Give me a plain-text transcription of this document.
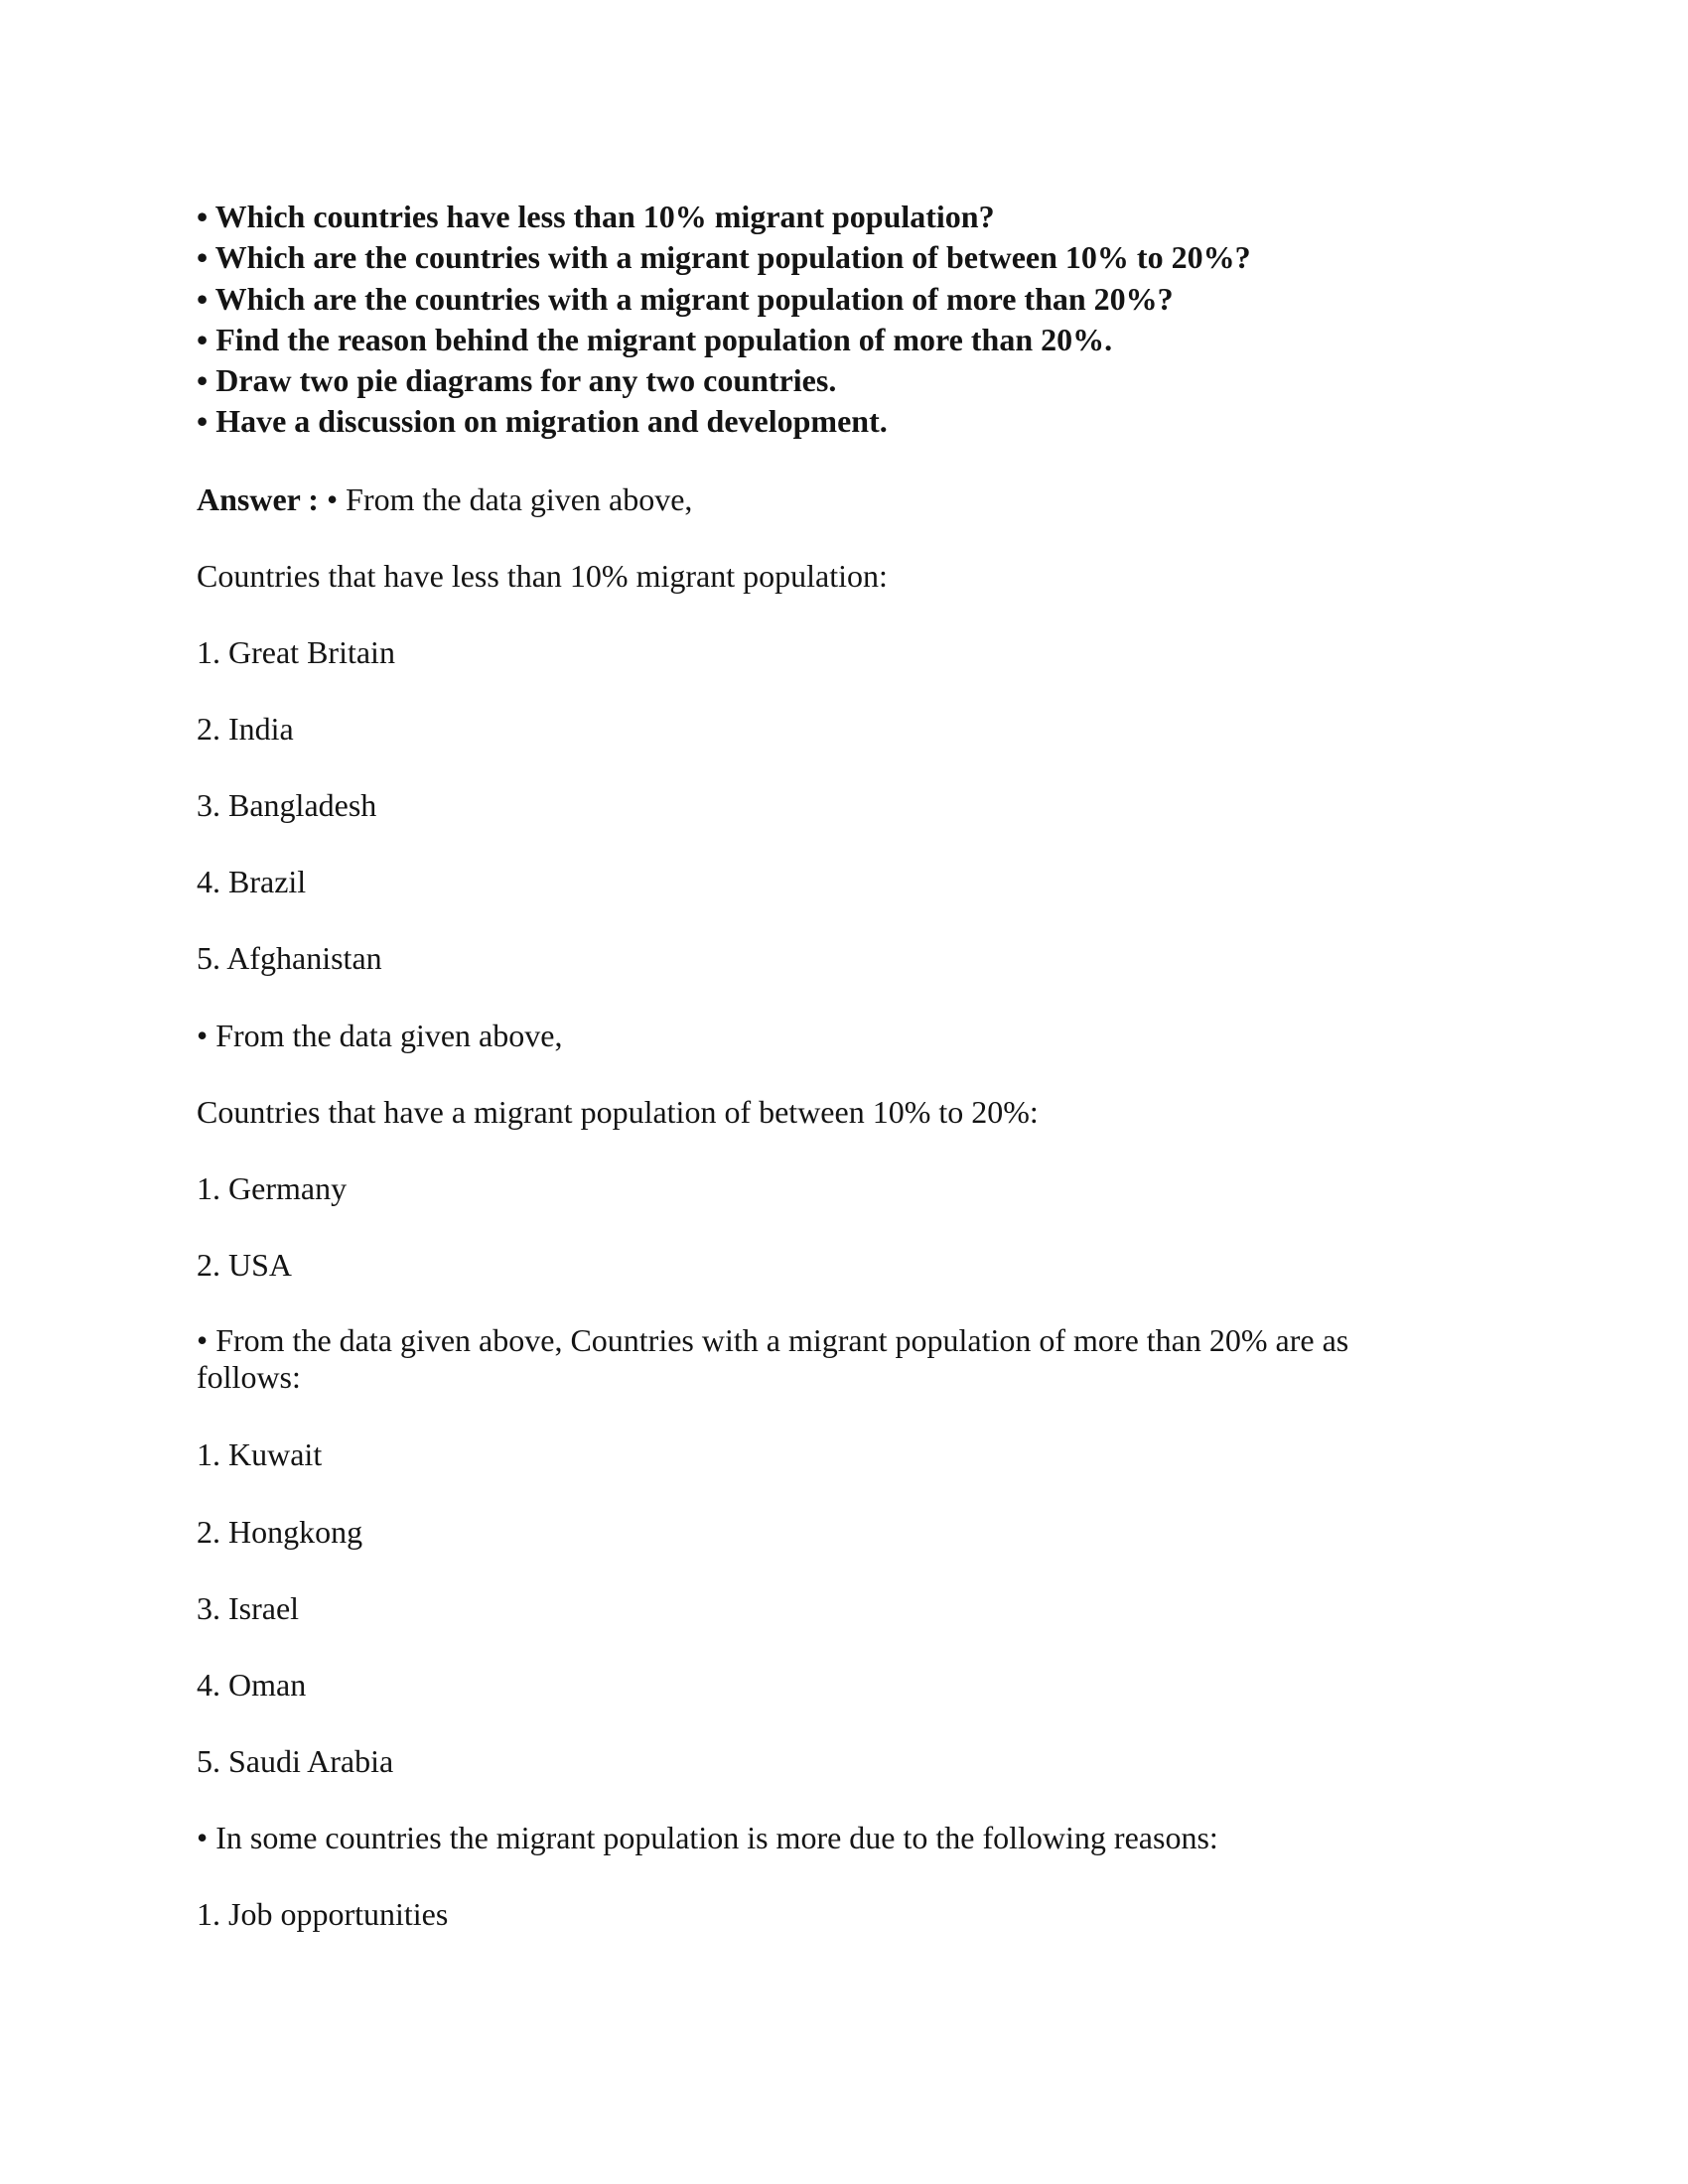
• Which countries have less than 10% migrant population?
• Which are the countries with a migrant population of between 10% to 20%?
• Which are the countries with a migrant population of more than 20%?
• Find the reason behind the migrant population of more than 20%.
• Draw two pie diagrams for any two countries.
• Have a discussion on migration and development.
Answer : • From the data given above,
Countries that have less than 10% migrant population:
1. Great Britain
2. India
3. Bangladesh
4. Brazil
5. Afghanistan
• From the data given above,
Countries that have a migrant population of between 10% to 20%:
1. Germany
2. USA
• From the data given above, Countries with a migrant population of more than 20% are as follows:
1. Kuwait
2. Hongkong
3. Israel
4. Oman
5. Saudi Arabia
• In some countries the migrant population is more due to the following reasons:
1. Job opportunities
